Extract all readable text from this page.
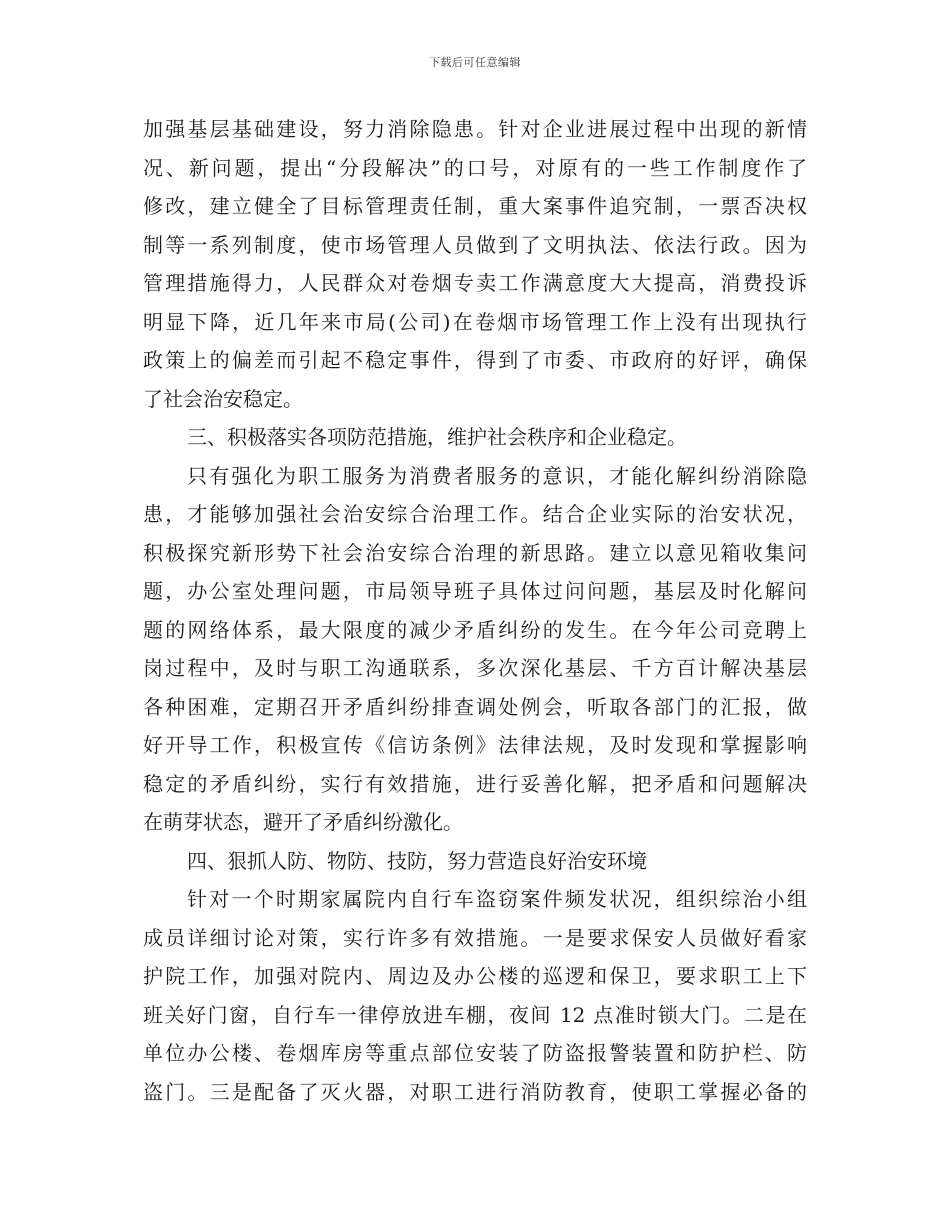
下载后可任意编辑
加强基层基础建设，努力消除隐患。针对企业进展过程中出现的新情
况、新问题，提出“分段解决”的口号，对原有的一些工作制度作了
修改，建立健全了目标管理责任制，重大案事件追究制，一票否决权
制等一系列制度，使市场管理人员做到了文明执法、依法行政。因为
管理措施得力，人民群众对卷烟专卖工作满意度大大提高，消费投诉
明显下降，近几年来市局(公司)在卷烟市场管理工作上没有出现执行
政策上的偏差而引起不稳定事件，得到了市委、市政府的好评，确保
了社会治安稳定。
三、积极落实各项防范措施，维护社会秩序和企业稳定。
只有强化为职工服务为消费者服务的意识，才能化解纠纷消除隐
患，才能够加强社会治安综合治理工作。结合企业实际的治安状况，
积极探究新形势下社会治安综合治理的新思路。建立以意见箱收集问
题，办公室处理问题，市局领导班子具体过问问题，基层及时化解问
题的网络体系，最大限度的减少矛盾纠纷的发生。在今年公司竞聘上
岗过程中，及时与职工沟通联系，多次深化基层、千方百计解决基层
各种困难，定期召开矛盾纠纷排查调处例会，听取各部门的汇报，做
好开导工作，积极宣传《信访条例》法律法规，及时发现和掌握影响
稳定的矛盾纠纷，实行有效措施，进行妥善化解，把矛盾和问题解决
在萌芽状态，避开了矛盾纠纷激化。
四、狠抓人防、物防、技防，努力营造良好治安环境
针对一个时期家属院内自行车盗窃案件频发状况，组织综治小组
成员详细讨论对策，实行许多有效措施。一是要求保安人员做好看家
护院工作，加强对院内、周边及办公楼的巡逻和保卫，要求职工上下
班关好门窗，自行车一律停放进车棚，夜间 12 点准时锁大门。二是在
单位办公楼、卷烟库房等重点部位安装了防盗报警装置和防护栏、防
盗门。三是配备了灭火器，对职工进行消防教育，使职工掌握必备的
